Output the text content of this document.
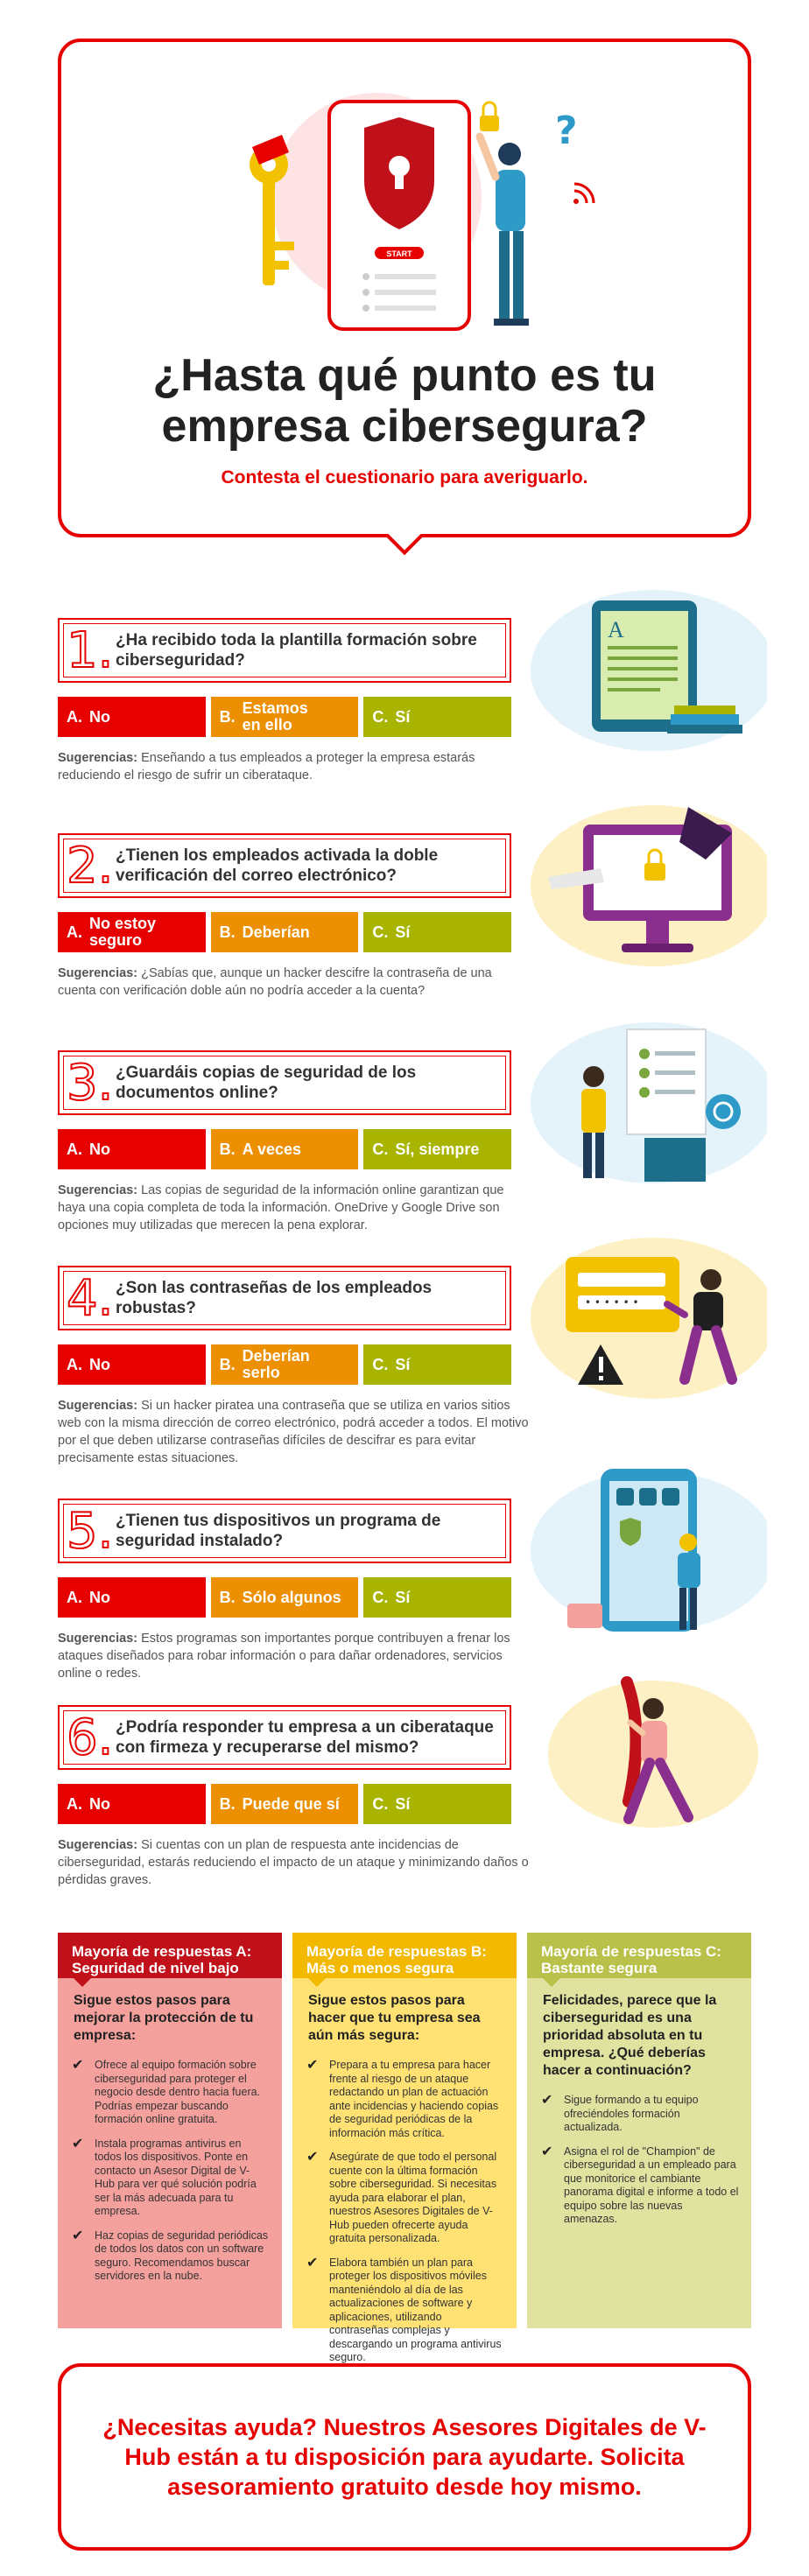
START
?
¿Hasta qué punto es tu empresa cibersegura?

Contesta el cuestionario para averiguarlo.

1. ¿Ha recibido toda la plantilla formación sobre ciberseguridad?
A. No	B. Estamos en ello	C. Sí

Sugerencias: Enseñando a tus empleados a proteger la empresa estarás reduciendo el riesgo de sufrir un ciberataque.

A
2. ¿Tienen los empleados activada la doble verificación del correo electrónico?
A. No estoy seguro	B. Deberían	C. Sí

Sugerencias: ¿Sabías que, aunque un hacker descifre la contraseña de una cuenta con verificación doble aún no podría acceder a la cuenta?

3. ¿Guardáis copias de seguridad de los documentos online?
A. No	B. A veces	C. Sí, siempre

Sugerencias: Las copias de seguridad de la información online garantizan que haya una copia completa de toda la información. OneDrive y Google Drive son opciones muy utilizadas que merecen la pena explorar.

4. ¿Son las contraseñas de los empleados robustas?
A. No	B. Deberían serlo	C. Sí

Sugerencias: Si un hacker piratea una contraseña que se utiliza en varios sitios web con la misma dirección de correo electrónico, podrá acceder a todos. El motivo por el que deben utilizarse contraseñas difíciles de descifrar es para evitar precisamente estas situaciones.

• • • • • •
5. ¿Tienen tus dispositivos un programa de seguridad instalado?
A. No	B. Sólo algunos C. Sí

Sugerencias: Estos programas son importantes porque contribuyen a frenar los ataques diseñados para robar información o para dañar ordenadores, servicios online o redes.

6. ¿Podría responder tu empresa a un ciberataque con firmeza y recuperarse del mismo?
A. No	B. Puede que sí C. Sí

Sugerencias: Si cuentas con un plan de respuesta ante incidencias de ciberseguridad, estarás reduciendo el impacto de un ataque y minimizando daños o pérdidas graves.

Mayoría de respuestas A: Seguridad de nivel bajo

Sigue estos pasos para mejorar la protección de tu empresa:

✔ Ofrece al equipo formación sobre ciberseguridad para proteger el negocio desde dentro hacia fuera. Podrías empezar buscando formación online gratuita.
✔ Instala programas antivirus en todos los dispositivos. Ponte en contacto un Asesor Digital de V-Hub para ver qué solución podría ser la más adecuada para tu empresa.
✔ Haz copias de seguridad periódicas de todos los datos con un software seguro. Recomendamos buscar servidores en la nube.
Mayoría de respuestas B: Más o menos segura

Sigue estos pasos para hacer que tu empresa sea aún más segura:

✔ Prepara a tu empresa para hacer frente al riesgo de un ataque redactando un plan de actuación ante incidencias y haciendo copias de seguridad periódicas de la información más crítica.
✔ Asegúrate de que todo el personal cuente con la última formación sobre ciberseguridad. Si necesitas ayuda para elaborar el plan, nuestros Asesores Digitales de V-Hub pueden ofrecerte ayuda gratuita personalizada.
✔ Elabora también un plan para proteger los dispositivos móviles manteniéndolo al día de las actualizaciones de software y aplicaciones, utilizando contraseñas complejas y descargando un programa antivirus seguro.
Mayoría de respuestas C: Bastante segura

Felicidades, parece que la ciberseguridad es una prioridad absoluta en tu empresa. ¿Qué deberías hacer a continuación?

✔ Sigue formando a tu equipo ofreciéndoles formación actualizada.
✔ Asigna el rol de "Champion" de ciberseguridad a un empleado para que monitorice el cambiante panorama digital e informe a todo el equipo sobre las nuevas amenazas.

¿Necesitas ayuda? Nuestros Asesores Digitales de V-Hub están a tu disposición para ayudarte. Solicita asesoramiento gratuito desde hoy mismo.
